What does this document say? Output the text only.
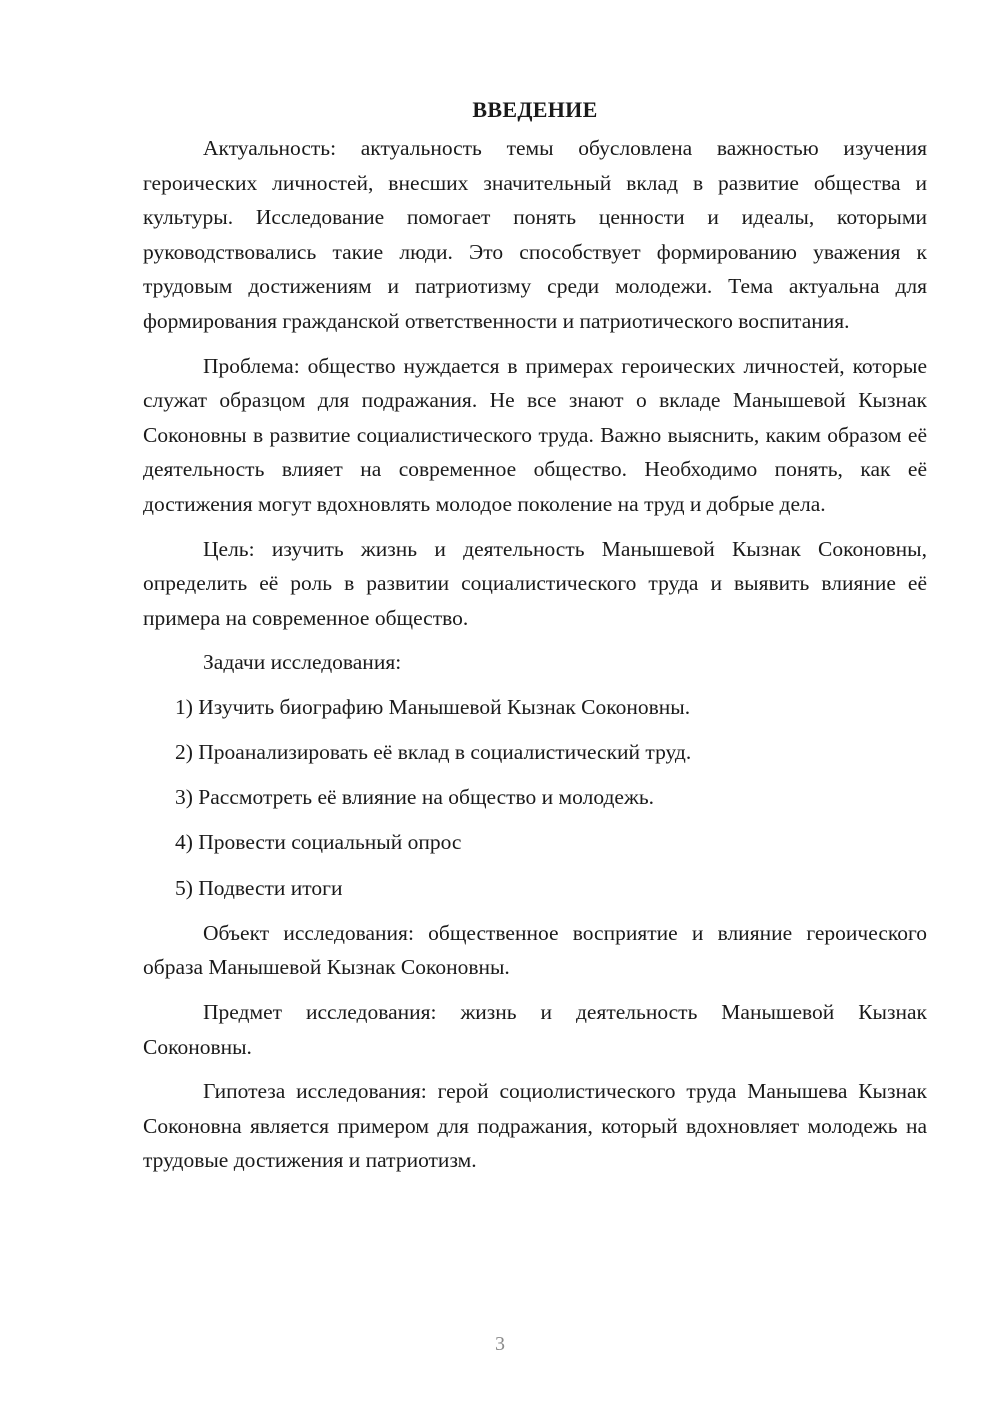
ВВЕДЕНИЕ

Актуальность: актуальность темы обусловлена важностью изучения героических личностей, внесших значительный вклад в развитие общества и культуры. Исследование помогает понять ценности и идеалы, которыми руководствовались такие люди. Это способствует формированию уважения к трудовым достижениям и патриотизму среди молодежи. Тема актуальна для формирования гражданской ответственности и патриотического воспитания.

Проблема: общество нуждается в примерах героических личностей, которые служат образцом для подражания. Не все знают о вкладе Манышевой Кызнак Соконовны в развитие социалистического труда. Важно выяснить, каким образом её деятельность влияет на современное общество. Необходимо понять, как её достижения могут вдохновлять молодое поколение на труд и добрые дела.

Цель: изучить жизнь и деятельность Манышевой Кызнак Соконовны, определить её роль в развитии социалистического труда и выявить влияние её примера на современное общество.

Задачи исследования:

1) Изучить биографию Манышевой Кызнак Соконовны.
2) Проанализировать её вклад в социалистический труд.
3) Рассмотреть её влияние на общество и молодежь.
4) Провести социальный опрос
5) Подвести итоги

Объект исследования: общественное восприятие и влияние героического образа Манышевой Кызнак Соконовны.

Предмет исследования: жизнь и деятельность Манышевой Кызнак Соконовны.

Гипотеза исследования: герой социолистического труда Манышева Кызнак Соконовна является примером для подражания, который вдохновляет молодежь на трудовые достижения и патриотизм.

3
